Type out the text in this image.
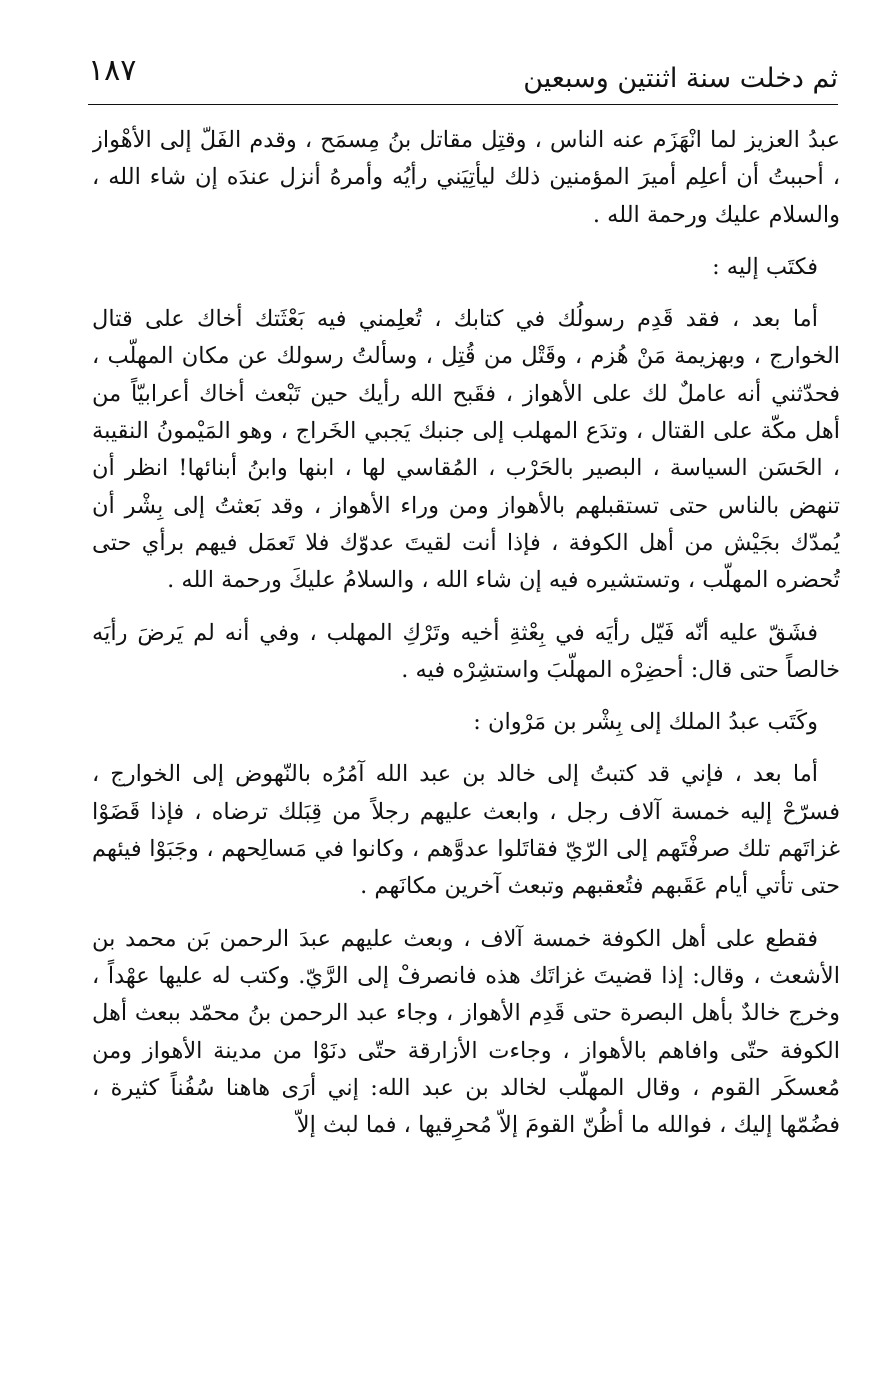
ثم دخلت سنة اثنتين وسبعين
١٨٧

عبدُ العزيز لما انْهَزَم عنه الناس ، وقتِل مقاتل بنُ مِسمَح ، وقدم الفَلّ إلى الأهْواز ، أحببتُ أن أعلِم أميرَ المؤمنين ذلك ليأتِيَني رأيُه وأمرهُ أنزل عندَه إن شاء الله ، والسلام عليك ورحمة الله .

فكتَب إليه :

أما بعد ، فقد قَدِم رسولُك في كتابك ، تُعلِمني فيه بَعْثَتك أخاك على قتال الخوارج ، وبهزيمة مَنْ هُزم ، وقَتْل من قُتِل ، وسألتُ رسولك عن مكان المهلّب ، فحدّثني أنه عاملٌ لك على الأهواز ، فقَبح الله رأيك حين تَبْعث أخاك أعرابيّاً من أهل مكّة على القتال ، وتدَع المهلب إلى جنبك يَجبي الخَراج ، وهو المَيْمونُ النقيبة ، الحَسَن السياسة ، البصير بالحَرْب ، المُقاسي لها ، ابنها وابنُ أبنائها! انظر أن تنهض بالناس حتى تستقبلهم بالأهواز ومن وراء الأهواز ، وقد بَعثتُ إلى بِشْر أن يُمدّك بجَيْش من أهل الكوفة ، فإذا أنت لقيتَ عدوّك فلا تَعمَل فيهم برأي حتى تُحضره المهلّب ، وتستشيره فيه إن شاء الله ، والسلامُ عليكَ ورحمة الله .

فشَقّ عليه أنّه فَيّل رأيَه في بِعْثةِ أخيه وتَرْكِ المهلب ، وفي أنه لم يَرضَ رأيَه خالصاً حتى قال: أحضِرْه المهلّبَ واستشِرْه فيه .

وكَتَب عبدُ الملك إلى بِشْر بن مَرْوان :

أما بعد ، فإني قد كتبتُ إلى خالد بن عبد الله آمُرُه بالنّهوض إلى الخوارج ، فسرّحْ إليه خمسة آلاف رجل ، وابعث عليهم رجلاً من قِبَلك ترضاه ، فإذا قَضَوْا غزاتَهم تلك صرفْتَهم إلى الرّيّ فقاتَلوا عدوَّهم ، وكانوا في مَسالِحهم ، وجَبَوْا فيئهم حتى تأتي أيام عَقَبهم فتُعقبهم وتبعث آخرين مكانَهم .

فقطع على أهل الكوفة خمسة آلاف ، وبعث عليهم عبدَ الرحمن بَن محمد بن الأشعث ، وقال: إذا قضيتَ غزاتَك هذه فانصرفْ إلى الرَّيّ. وكتب له عليها عهْداً ، وخرج خالدٌ بأهل البصرة حتى قَدِم الأهواز ، وجاء عبد الرحمن بنُ محمّد ببعث أهل الكوفة حتّى وافاهم بالأهواز ، وجاءت الأزارقة حتّى دنَوْا من مدينة الأهواز ومن مُعسكَر القوم ، وقال المهلّب لخالد بن عبد الله: إني أرَى هاهنا سُفُناً كثيرة ، فضُمّها إليك ، فوالله ما أظُنّ القومَ إلاّ مُحرِقيها ، فما لبث إلاّ
